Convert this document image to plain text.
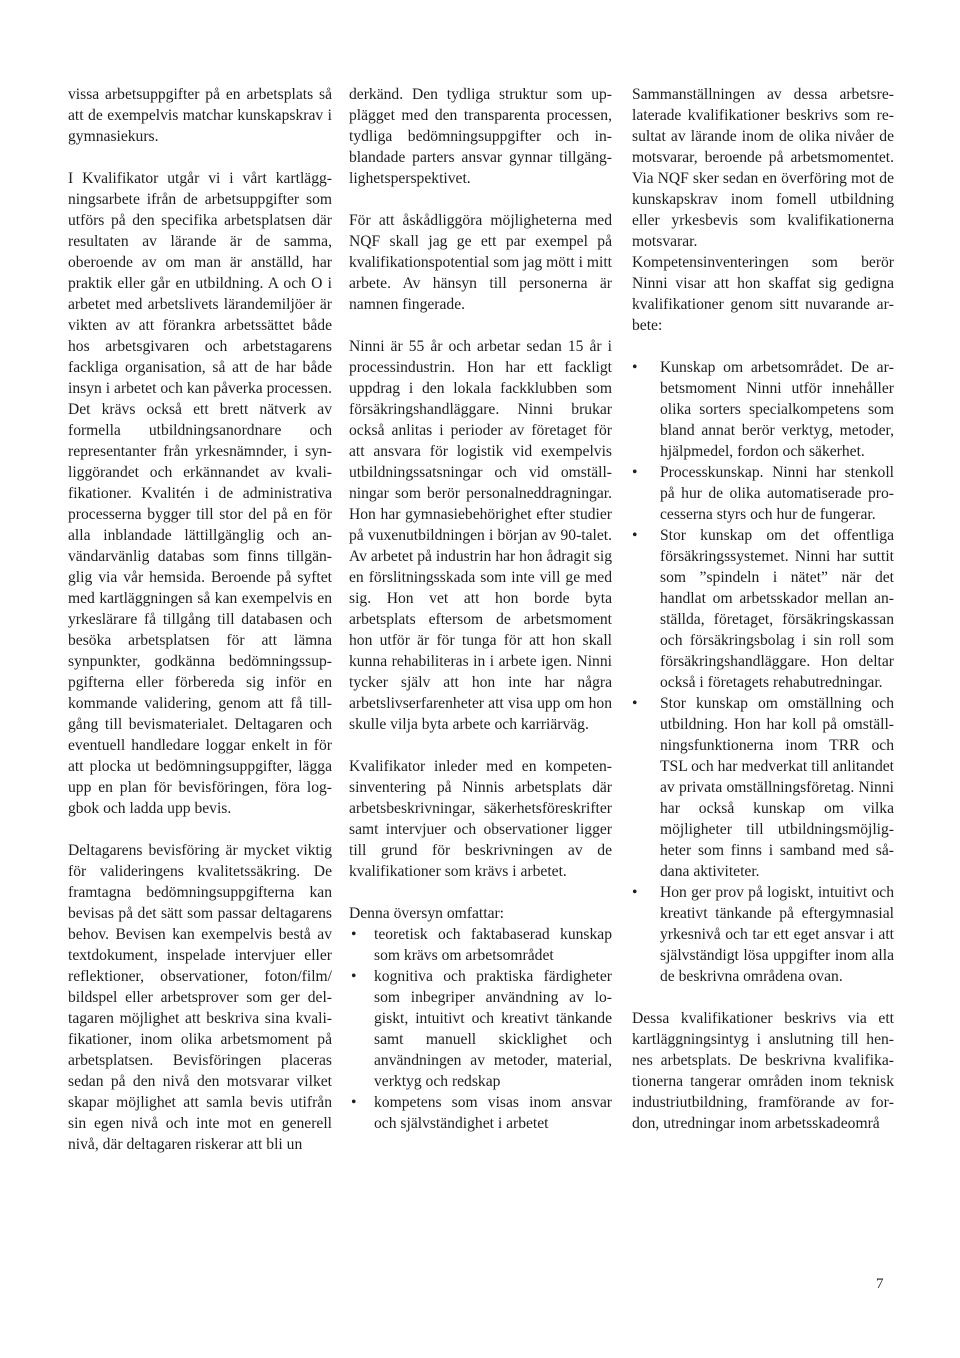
vissa arbetsuppgifter på en arbetsplats så att de exempelvis matchar kunskapskrav i gymnasiekurs.

I Kvalifikator utgår vi i vårt kartläggningsarbete ifrån de arbetsuppgifter som utförs på den specifika arbetsplatsen där resultaten av lärande är de samma, oberoende av om man är anställd, har praktik eller går en utbildning. A och O i arbetet med arbetslivets lärandemiljöer är vikten av att förankra arbetssättet både hos arbetsgivaren och arbetstagarens fackliga organisation, så att de har både insyn i arbetet och kan påverka processen. Det krävs också ett brett nätverk av formella utbildningsanordnare och representanter från yrkesnämnder, i synliggörandet och erkännandet av kvalifikationer. Kvalitén i de administrativa processerna bygger till stor del på en för alla inblandade lättillgänglig och användarvänlig databas som finns tillgänglig via vår hemsida. Beroende på syftet med kartläggningen så kan exempelvis en yrkeslärare få tillgång till databasen och besöka arbetsplatsen för att lämna synpunkter, godkänna bedömningssuppgifterna eller förbereda sig inför en kommande validering, genom att få tillgång till bevismaterialet. Deltagaren och eventuell handledare loggar enkelt in för att plocka ut bedömningsuppgifter, lägga upp en plan för bevisföringen, föra loggbok och ladda upp bevis.

Deltagarens bevisföring är mycket viktig för valideringens kvalitetssäkring. De framtagna bedömningsuppgifterna kan bevisas på det sätt som passar deltagarens behov. Bevisen kan exempelvis bestå av textdokument, inspelade intervjuer eller reflektioner, observationer, foton/film/ bildspel eller arbetsprover som ger deltagaren möjlighet att beskriva sina kvalifikationer, inom olika arbetsmoment på arbetsplatsen. Bevisföringen placeras sedan på den nivå den motsvarar vilket skapar möjlighet att samla bevis utifrån sin egen nivå och inte mot en generell nivå, där deltagaren riskerar att bli un

derkänd. Den tydliga struktur som upplägget med den transparenta processen, tydliga bedömningsuppgifter och inblandade parters ansvar gynnar tillgänglighetsperspektivet.

För att åskådliggöra möjligheterna med NQF skall jag ge ett par exempel på kvalifikationspotential som jag mött i mitt arbete. Av hänsyn till personerna är namnen fingerade.

Ninni är 55 år och arbetar sedan 15 år i processindustrin. Hon har ett fackligt uppdrag i den lokala fackklubben som försäkringshandläggare. Ninni brukar också anlitas i perioder av företaget för att ansvara för logistik vid exempelvis utbildningssatsningar och vid omställningar som berör personalneddragningar. Hon har gymnasiebehörighet efter studier på vuxenutbildningen i början av 90-talet. Av arbetet på industrin har hon ådragit sig en förslitningsskada som inte vill ge med sig. Hon vet att hon borde byta arbetsplats eftersom de arbetsmoment hon utför är för tunga för att hon skall kunna rehabiliteras in i arbete igen. Ninni tycker själv att hon inte har några arbetslivserfarenheter att visa upp om hon skulle vilja byta arbete och karriärväg.

Kvalifikator inleder med en kompetensinventering på Ninnis arbetsplats där arbetsbeskrivningar, säkerhetsföreskrifter samt intervjuer och observationer ligger till grund för beskrivningen av de kvalifikationer som krävs i arbetet.

Denna översyn omfattar:

• teoretisk och faktabaserad kunskap som krävs om arbetsområdet
• kognitiva och praktiska färdigheter som inbegriper användning av logiskt, intuitivt och kreativt tänkande samt manuell skicklighet och användningen av metoder, material, verktyg och redskap
• kompetens som visas inom ansvar och självständighet i arbetet

Sammanställningen av dessa arbetsrelaterade kvalifikationer beskrivs som resultat av lärande inom de olika nivåer de motsvarar, beroende på arbetsmomentet. Via NQF sker sedan en överföring mot de kunskapskrav inom fomell utbildning eller yrkesbevis som kvalifikationerna motsvarar.

Kompetensinventeringen som berör Ninni visar att hon skaffat sig gedigna kvalifikationer genom sitt nuvarande arbete:

• Kunskap om arbetsområdet. De arbetsmoment Ninni utför innehåller olika sorters specialkompetens som bland annat berör verktyg, metoder, hjälpmedel, fordon och säkerhet.
• Processkunskap. Ninni har stenkoll på hur de olika automatiserade processerna styrs och hur de fungerar.
• Stor kunskap om det offentliga försäkringssystemet. Ninni har suttit som ”spindeln i nätet” när det handlat om arbetsskador mellan anställda, företaget, försäkringskassan och försäkringsbolag i sin roll som försäkringshandläggare. Hon deltar också i företagets rehabutredningar.
• Stor kunskap om omställning och utbildning. Hon har koll på omställningsfunktionerna inom TRR och TSL och har medverkat till anlitandet av privata omställningsföretag. Ninni har också kunskap om vilka möjligheter till utbildningsmöjligheter som finns i samband med sådana aktiviteter.
• Hon ger prov på logiskt, intuitivt och kreativt tänkande på eftergymnasial yrkesnivå och tar ett eget ansvar i att självständigt lösa uppgifter inom alla de beskrivna områdena ovan.

Dessa kvalifikationer beskrivs via ett kartläggningsintyg i anslutning till hennes arbetsplats. De beskrivna kvalifikationerna tangerar områden inom teknisk industriutbildning, framförande av fordon, utredningar inom arbetsskadeområ

7
